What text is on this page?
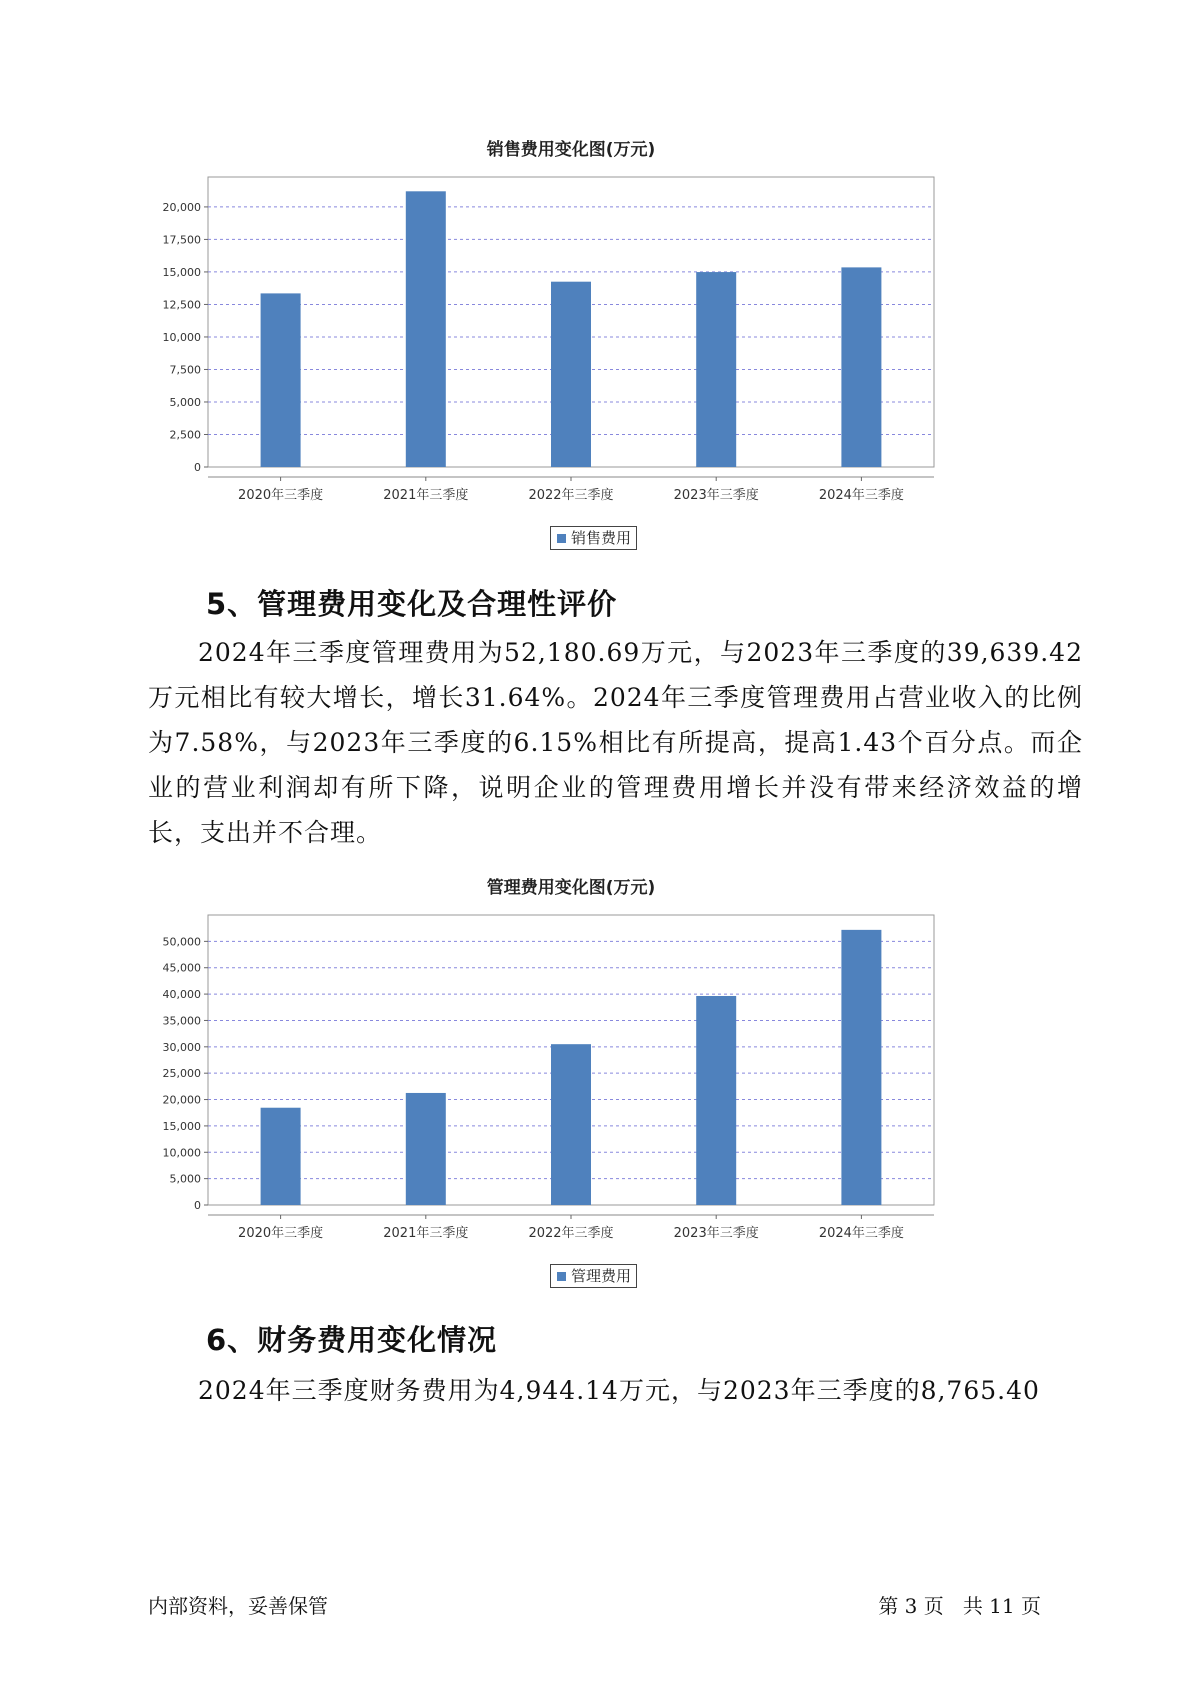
销售费用变化图(万元)
0
2,500
5,000
7,500
10,000
12,500
15,000
17,500
20,000
2020年三季度	2021年三季度	2022年三季度	2023年三季度	2024年三季度
销售费用
5、管理费用变化及合理性评价

2024年三季度管理费用为52,180.69万元，与2023年三季度的39,639.42万元相比有较大增长，增长31.64%。2024年三季度管理费用占营业收入的比例为7.58%，与2023年三季度的6.15%相比有所提高，提高1.43个百分点。而企业的营业利润却有所下降，说明企业的管理费用增长并没有带来经济效益的增长，支出并不合理。

管理费用变化图(万元)
0
5,000
10,000
15,000
20,000
25,000
30,000
35,000
40,000
45,000
50,000
2020年三季度	2021年三季度	2022年三季度	2023年三季度	2024年三季度
管理费用
6、财务费用变化情况

2024年三季度财务费用为4,944.14万元，与2023年三季度的8,765.40

内部资料，妥善保管	第 3 页   共 11 页
